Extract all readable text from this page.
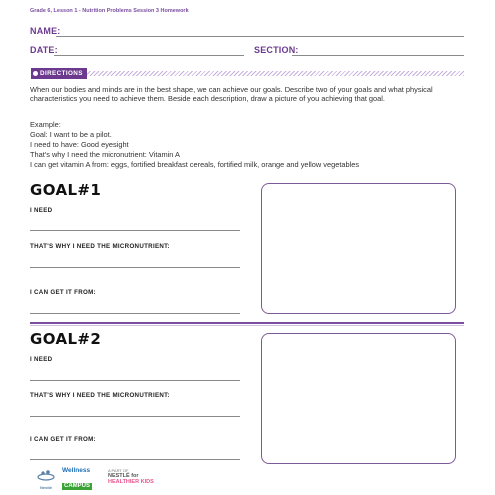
Grade 6, Lesson 1 - Nutrition Problems Session 3 Homework
NAME:
DATE:	SECTION:
DIRECTIONS
When our bodies and minds are in the best shape, we can achieve our goals. Describe two of your goals and what physical characteristics you need to achieve them. Beside each description, draw a picture of you achieving that goal.
Example:
Goal: I want to be a pilot.
I need to have: Good eyesight
That's why I need the micronutrient: Vitamin A
I can get vitamin A from: eggs, fortified breakfast cereals, fortified milk, orange and yellow vegetables
GOAL#1
I NEED
THAT'S WHY I NEED THE MICRONUTRIENT:
I CAN GET IT FROM:
GOAL#2
I NEED
THAT'S WHY I NEED THE MICRONUTRIENT:
I CAN GET IT FROM:
Nestlé
Wellness
CAMPUS
A PART OF
NESTLÉ for
HEALTHIER KIDS
